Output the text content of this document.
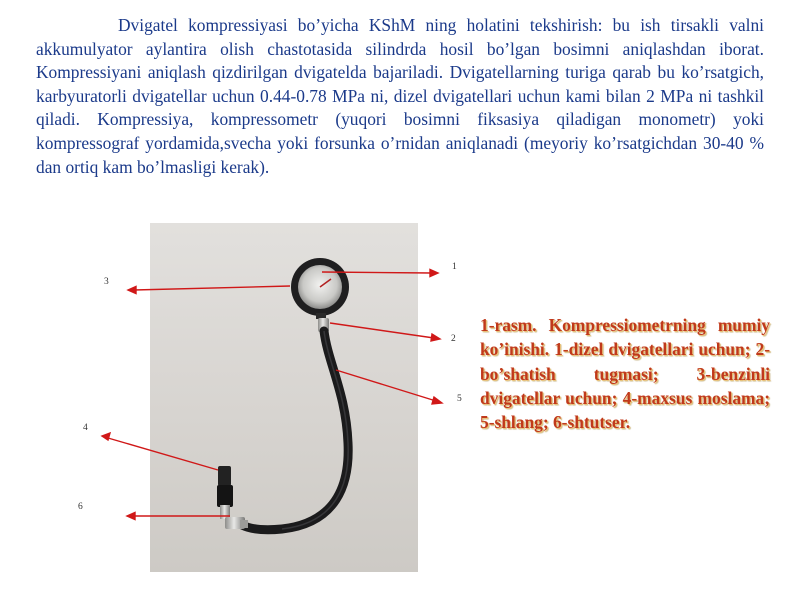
Dvigatel kompressiyasi bo’yicha KShM ning holatini tekshirish: bu ish tirsakli valni akkumulyator aylantira olish chastotasida silindrda hosil bo’lgan bosimni aniqlashdan iborat. Kompressiyani aniqlash qizdirilgan dvigatelda bajariladi. Dvigatellarning turiga qarab bu ko’rsatgich, karbyuratorli dvigatellar uchun 0.44-0.78 MPa ni, dizel dvigatellari uchun kami bilan 2 MPa ni tashkil qiladi. Kompressiya, kompressometr (yuqori bosimni fiksasiya qiladigan monometr) yoki kompressograf yordamida,svecha yoki forsunka o’rnidan aniqlanadi (meyoriy ko’rsatgichdan 30-40 % dan ortiq kam bo’lmasligi kerak).
1
2
3
4
5
6
1-rasm. Kompressiometrning mumiy ko’inishi. 1-dizel dvigatellari uchun; 2-bo’shatish tugmasi; 3-benzinli dvigatellar uchun; 4-maxsus moslama; 5-shlang; 6-shtutser.
